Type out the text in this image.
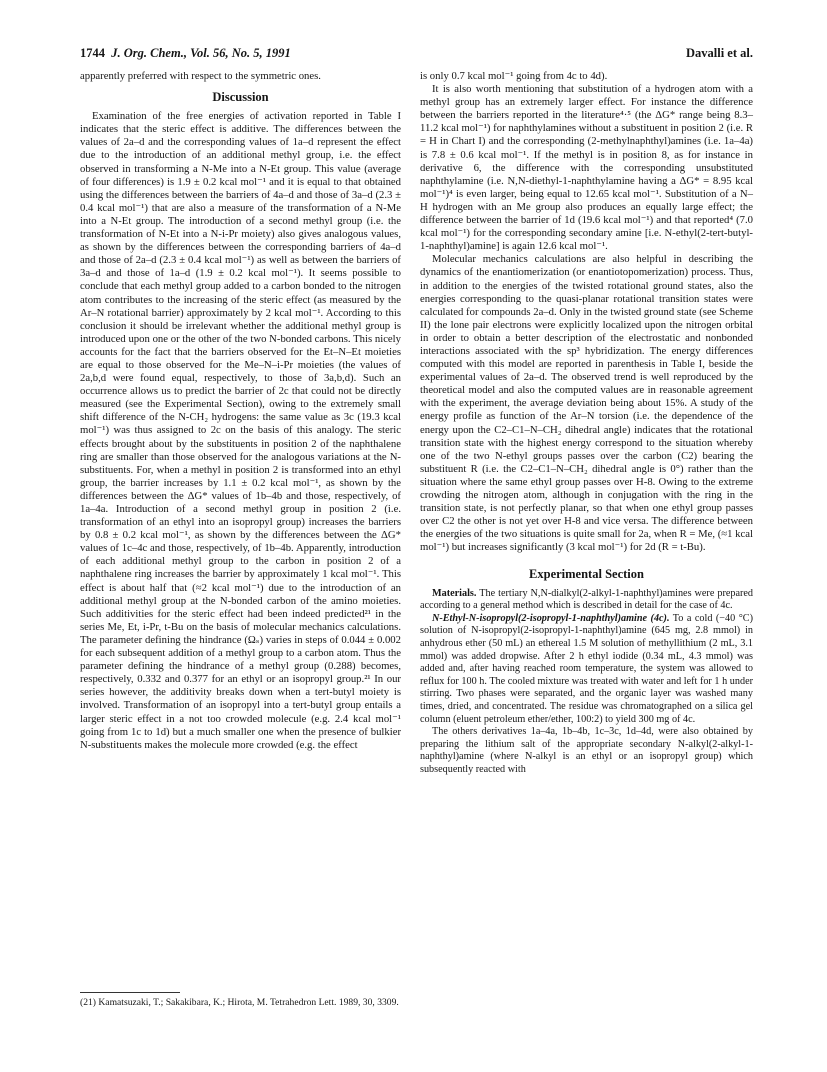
1744 J. Org. Chem., Vol. 56, No. 5, 1991	Davalli et al.

apparently preferred with respect to the symmetric ones.

Discussion

Examination of the free energies of activation reported in Table I indicates that the steric effect is additive. The differences between the values of 2a–d and the corresponding values of 1a–d represent the effect due to the introduction of an additional methyl group, i.e. the effect observed in transforming a N-Me into a N-Et group. This value (average of four differences) is 1.9 ± 0.2 kcal mol⁻¹ and it is equal to that obtained using the differences between the barriers of 4a–d and those of 3a–d (2.3 ± 0.4 kcal mol⁻¹) that are also a measure of the transformation of a N-Me into a N-Et group. The introduction of a second methyl group (i.e. the transformation of N-Et into a N-i-Pr moiety) also gives analogous values, as shown by the differences between the corresponding barriers of 4a–d and those of 2a–d (2.3 ± 0.4 kcal mol⁻¹) as well as between the barriers of 3a–d and those of 1a–d (1.9 ± 0.2 kcal mol⁻¹). It seems possible to conclude that each methyl group added to a carbon bonded to the nitrogen atom contributes to the increasing of the steric effect (as measured by the Ar–N rotational barrier) approximately by 2 kcal mol⁻¹. According to this conclusion it should be irrelevant whether the additional methyl group is introduced upon one or the other of the two N-bonded carbons. This nicely accounts for the fact that the barriers observed for the Et–N–Et moieties are equal to those observed for the Me–N–i-Pr moieties (the values of 2a,b,d were found equal, respectively, to those of 3a,b,d). Such an occurrence allows us to predict the barrier of 2c that could not be directly measured (see the Experimental Section), owing to the extremely small shift difference of the N-CH₂ hydrogens: the same value as 3c (19.3 kcal mol⁻¹) was thus assigned to 2c on the basis of this analogy. The steric effects brought about by the substituents in position 2 of the naphthalene ring are smaller than those observed for the analogous variations at the N-substituents. For, when a methyl in position 2 is transformed into an ethyl group, the barrier increases by 1.1 ± 0.2 kcal mol⁻¹, as shown by the differences between the ΔG* values of 1b–4b and those, respectively, of 1a–4a. Introduction of a second methyl group in position 2 (i.e. transformation of an ethyl into an isopropyl group) increases the barriers by 0.8 ± 0.2 kcal mol⁻¹, as shown by the differences between the ΔG* values of 1c–4c and those, respectively, of 1b–4b. Apparently, introduction of each additional methyl group to the carbon in position 2 of a naphthalene ring increases the barrier by approximately 1 kcal mol⁻¹. This effect is about half that (≈2 kcal mol⁻¹) due to the introduction of an additional methyl group at the N-bonded carbon of the amino moieties. Such additivities for the steric effect had been indeed predicted²¹ in the series Me, Et, i-Pr, t-Bu on the basis of molecular mechanics calculations. The parameter defining the hindrance (Ωₛ) varies in steps of 0.044 ± 0.002 for each subsequent addition of a methyl group to a carbon atom. Thus the parameter defining the hindrance of a methyl group (0.288) becomes, respectively, 0.332 and 0.377 for an ethyl or an isopropyl group.²¹ In our series however, the additivity breaks down when a tert-butyl moiety is involved. Transformation of an isopropyl into a tert-butyl group entails a larger steric effect in a not too crowded molecule (e.g. 2.4 kcal mol⁻¹ going from 1c to 1d) but a much smaller one when the presence of bulkier N-substituents makes the molecule more crowded (e.g. the effect

(21) Kamatsuzaki, T.; Sakakibara, K.; Hirota, M. Tetrahedron Lett. 1989, 30, 3309.

is only 0.7 kcal mol⁻¹ going from 4c to 4d).

It is also worth mentioning that substitution of a hydrogen atom with a methyl group has an extremely larger effect. For instance the difference between the barriers reported in the literature⁴·⁵ (the ΔG* range being 8.3–11.2 kcal mol⁻¹) for naphthylamines without a substituent in position 2 (i.e. R = H in Chart I) and the corresponding (2-methylnaphthyl)amines (i.e. 1a–4a) is 7.8 ± 0.6 kcal mol⁻¹. If the methyl is in position 8, as for instance in derivative 6, the difference with the corresponding unsubstituted naphthylamine (i.e. N,N-diethyl-1-naphthylamine having a ΔG* = 8.95 kcal mol⁻¹)⁴ is even larger, being equal to 12.65 kcal mol⁻¹. Substitution of a N–H hydrogen with an Me group also produces an equally large effect; the difference between the barrier of 1d (19.6 kcal mol⁻¹) and that reported⁴ (7.0 kcal mol⁻¹) for the corresponding secondary amine [i.e. N-ethyl(2-tert-butyl-1-naphthyl)amine] is again 12.6 kcal mol⁻¹.

Molecular mechanics calculations are also helpful in describing the dynamics of the enantiomerization (or enantiotopomerization) process. Thus, in addition to the energies of the twisted rotational ground states, also the energies corresponding to the quasi-planar rotational transition states were calculated for compounds 2a–d. Only in the twisted ground state (see Scheme II) the lone pair electrons were explicitly localized upon the nitrogen orbital in order to obtain a better description of the electrostatic and nonbonded interactions associated with the sp³ hybridization. The energy differences computed with this model are reported in parenthesis in Table I, beside the experimental values of 2a–d. The observed trend is well reproduced by the theoretical model and also the computed values are in reasonable agreement with the experiment, the average deviation being about 15%. A study of the energy profile as function of the Ar–N torsion (i.e. the dependence of the energy upon the C2–C1–N–CH₂ dihedral angle) indicates that the rotational transition state with the highest energy correspond to the situation whereby one of the two N-ethyl groups passes over the carbon (C2) bearing the substituent R (i.e. the C2–C1–N–CH₂ dihedral angle is 0°) rather than the situation where the same ethyl group passes over H-8. Owing to the extreme crowding the nitrogen atom, although in conjugation with the ring in the transition state, is not perfectly planar, so that when one ethyl group passes over C2 the other is not yet over H-8 and vice versa. The difference between the energies of the two situations is quite small for 2a, when R = Me, (≈1 kcal mol⁻¹) but increases significantly (3 kcal mol⁻¹) for 2d (R = t-Bu).

Experimental Section

Materials. The tertiary N,N-dialkyl(2-alkyl-1-naphthyl)amines were prepared according to a general method which is described in detail for the case of 4c.

N-Ethyl-N-isopropyl(2-isopropyl-1-naphthyl)amine (4c). To a cold (−40 °C) solution of N-isopropyl(2-isopropyl-1-naphthyl)amine (645 mg, 2.8 mmol) in anhydrous ether (50 mL) an ethereal 1.5 M solution of methyllithium (2 mL, 3.1 mmol) was added dropwise. After 2 h ethyl iodide (0.34 mL, 4.3 mmol) was added and, after having reached room temperature, the system was allowed to reflux for 100 h. The cooled mixture was treated with water and left for 1 h under stirring. Two phases were separated, and the organic layer was washed many times, dried, and concentrated. The residue was chromatographed on a silica gel column (eluent petroleum ether/ether, 100:2) to yield 300 mg of 4c.

The others derivatives 1a–4a, 1b–4b, 1c–3c, 1d–4d, were also obtained by preparing the lithium salt of the appropriate secondary N-alkyl(2-alkyl-1-naphthyl)amine (where N-alkyl is an ethyl or an isopropyl group) which subsequently reacted with
